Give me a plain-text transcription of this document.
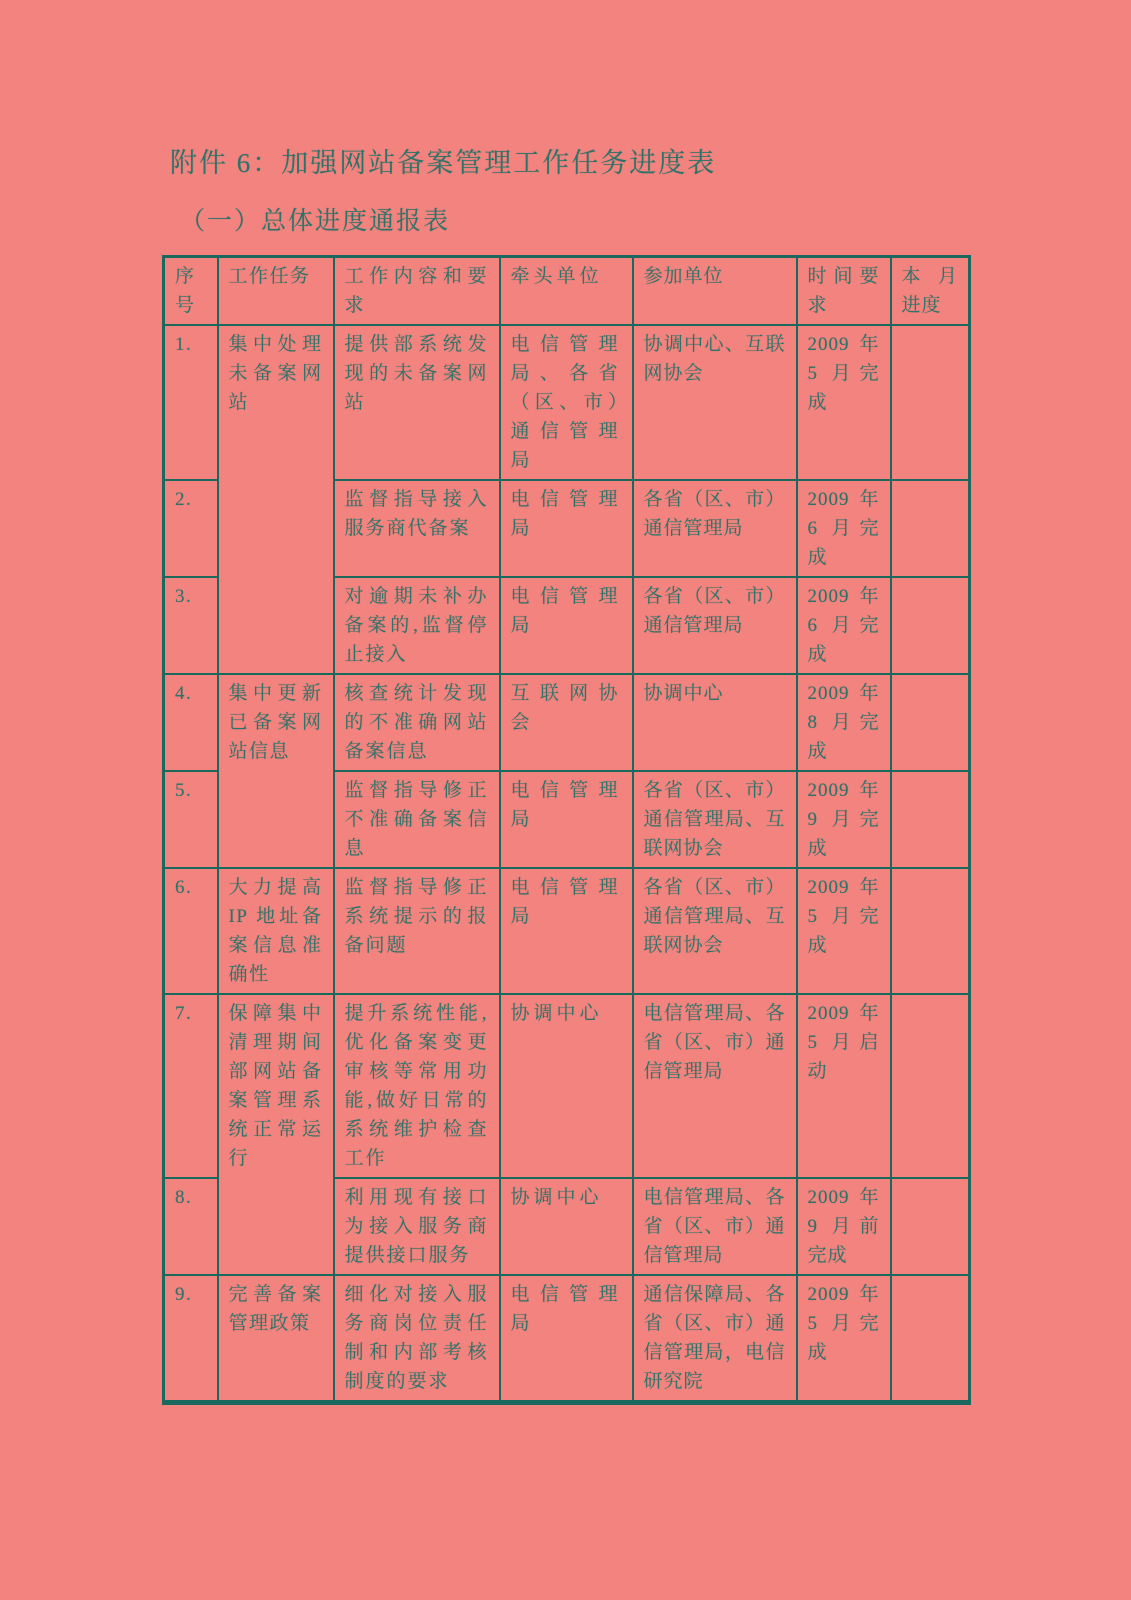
附件 6：加强网站备案管理工作任务进度表
（一）总体进度通报表
序号	工作任务	工作内容和要求	牵头单位	参加单位	时间要求	本月进度
1.	集中处理未备案网站	提供部系统发现的未备案网站	电信管理局、各省（区、市）通信管理局	协调中心、互联网协会	2009 年 5 月完成	
2.		监督指导接入服务商代备案	电信管理局	各省（区、市）通信管理局	2009 年 6 月完成	
3.		对逾期未补办备案的,监督停止接入	电信管理局	各省（区、市）通信管理局	2009 年 6 月完成	
4.	集中更新已备案网站信息	核查统计发现的不准确网站备案信息	互联网协会	协调中心	2009 年 8 月完成	
5.		监督指导修正不准确备案信息	电信管理局	各省（区、市）通信管理局、互联网协会	2009 年 9 月完成	
6.	大力提高 IP 地址备案信息准确性	监督指导修正系统提示的报备问题	电信管理局	各省（区、市）通信管理局、互联网协会	2009 年 5 月完成	
7.	保障集中清理期间部网站备案管理系统正常运行	提升系统性能,优化备案变更审核等常用功能,做好日常的系统维护检查工作	协调中心	电信管理局、各省（区、市）通信管理局	2009 年 5 月启动	
8.		利用现有接口为接入服务商提供接口服务	协调中心	电信管理局、各省（区、市）通信管理局	2009 年 9 月前完成	
9.	完善备案管理政策	细化对接入服务商岗位责任制和内部考核制度的要求	电信管理局	通信保障局、各省（区、市）通信管理局，电信研究院	2009 年 5 月完成	
